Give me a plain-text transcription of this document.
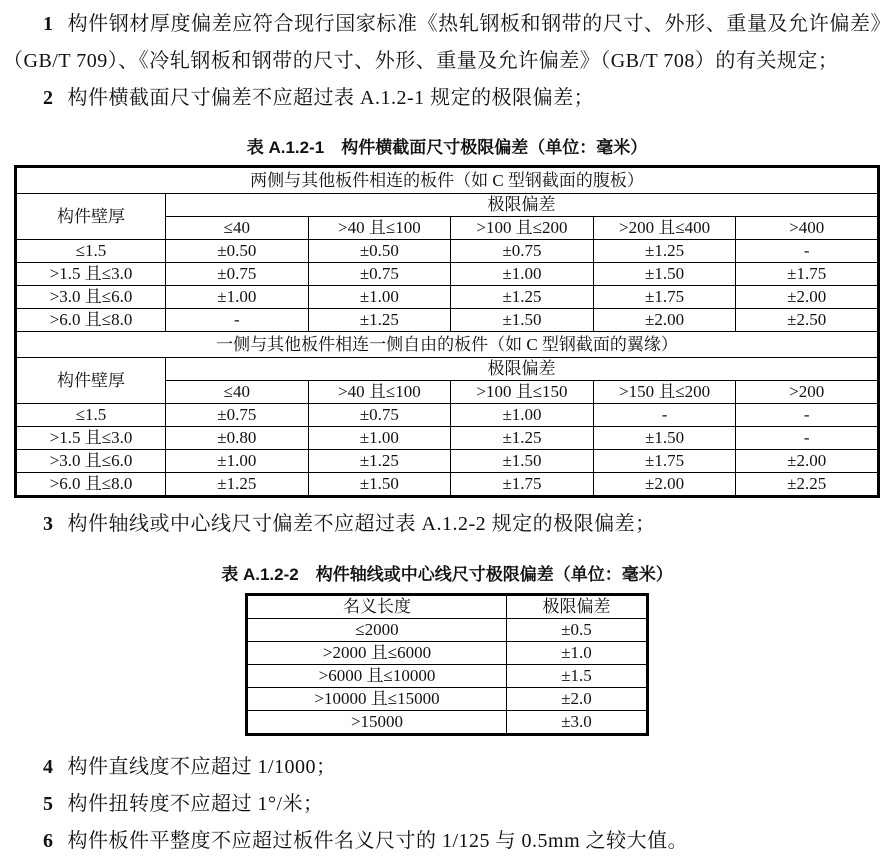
1 构件钢材厚度偏差应符合现行国家标准《热轧钢板和钢带的尺寸、外形、重量及允许偏差》（GB/T 709）、《冷轧钢板和钢带的尺寸、外形、重量及允许偏差》（GB/T 708）的有关规定；

2 构件横截面尺寸偏差不应超过表 A.1.2-1 规定的极限偏差；

表 A.1.2-1　构件横截面尺寸极限偏差（单位：毫米）
两侧与其他板件相连的板件（如 C 型钢截面的腹板）					
构件壁厚	极限偏差				
	≤40	>40 且≤100	>100 且≤200	>200 且≤400	>400
≤1.5	±0.50	±0.50	±0.75	±1.25	-
>1.5 且≤3.0	±0.75	±0.75	±1.00	±1.50	±1.75
>3.0 且≤6.0	±1.00	±1.00	±1.25	±1.75	±2.00
>6.0 且≤8.0	-	±1.25	±1.50	±2.00	±2.50
一侧与其他板件相连一侧自由的板件（如 C 型钢截面的翼缘）					
构件壁厚	极限偏差				
	≤40	>40 且≤100	>100 且≤150	>150 且≤200	>200
≤1.5	±0.75	±0.75	±1.00	-	-
>1.5 且≤3.0	±0.80	±1.00	±1.25	±1.50	-
>3.0 且≤6.0	±1.00	±1.25	±1.50	±1.75	±2.00
>6.0 且≤8.0	±1.25	±1.50	±1.75	±2.00	±2.25

3 构件轴线或中心线尺寸偏差不应超过表 A.1.2-2 规定的极限偏差；

表 A.1.2-2　构件轴线或中心线尺寸极限偏差（单位：毫米）
名义长度	极限偏差
≤2000	±0.5
>2000 且≤6000	±1.0
>6000 且≤10000	±1.5
>10000 且≤15000	±2.0
>15000	±3.0

4 构件直线度不应超过 1/1000；

5 构件扭转度不应超过 1°/米；

6 构件板件平整度不应超过板件名义尺寸的 1/125 与 0.5mm 之较大值。
